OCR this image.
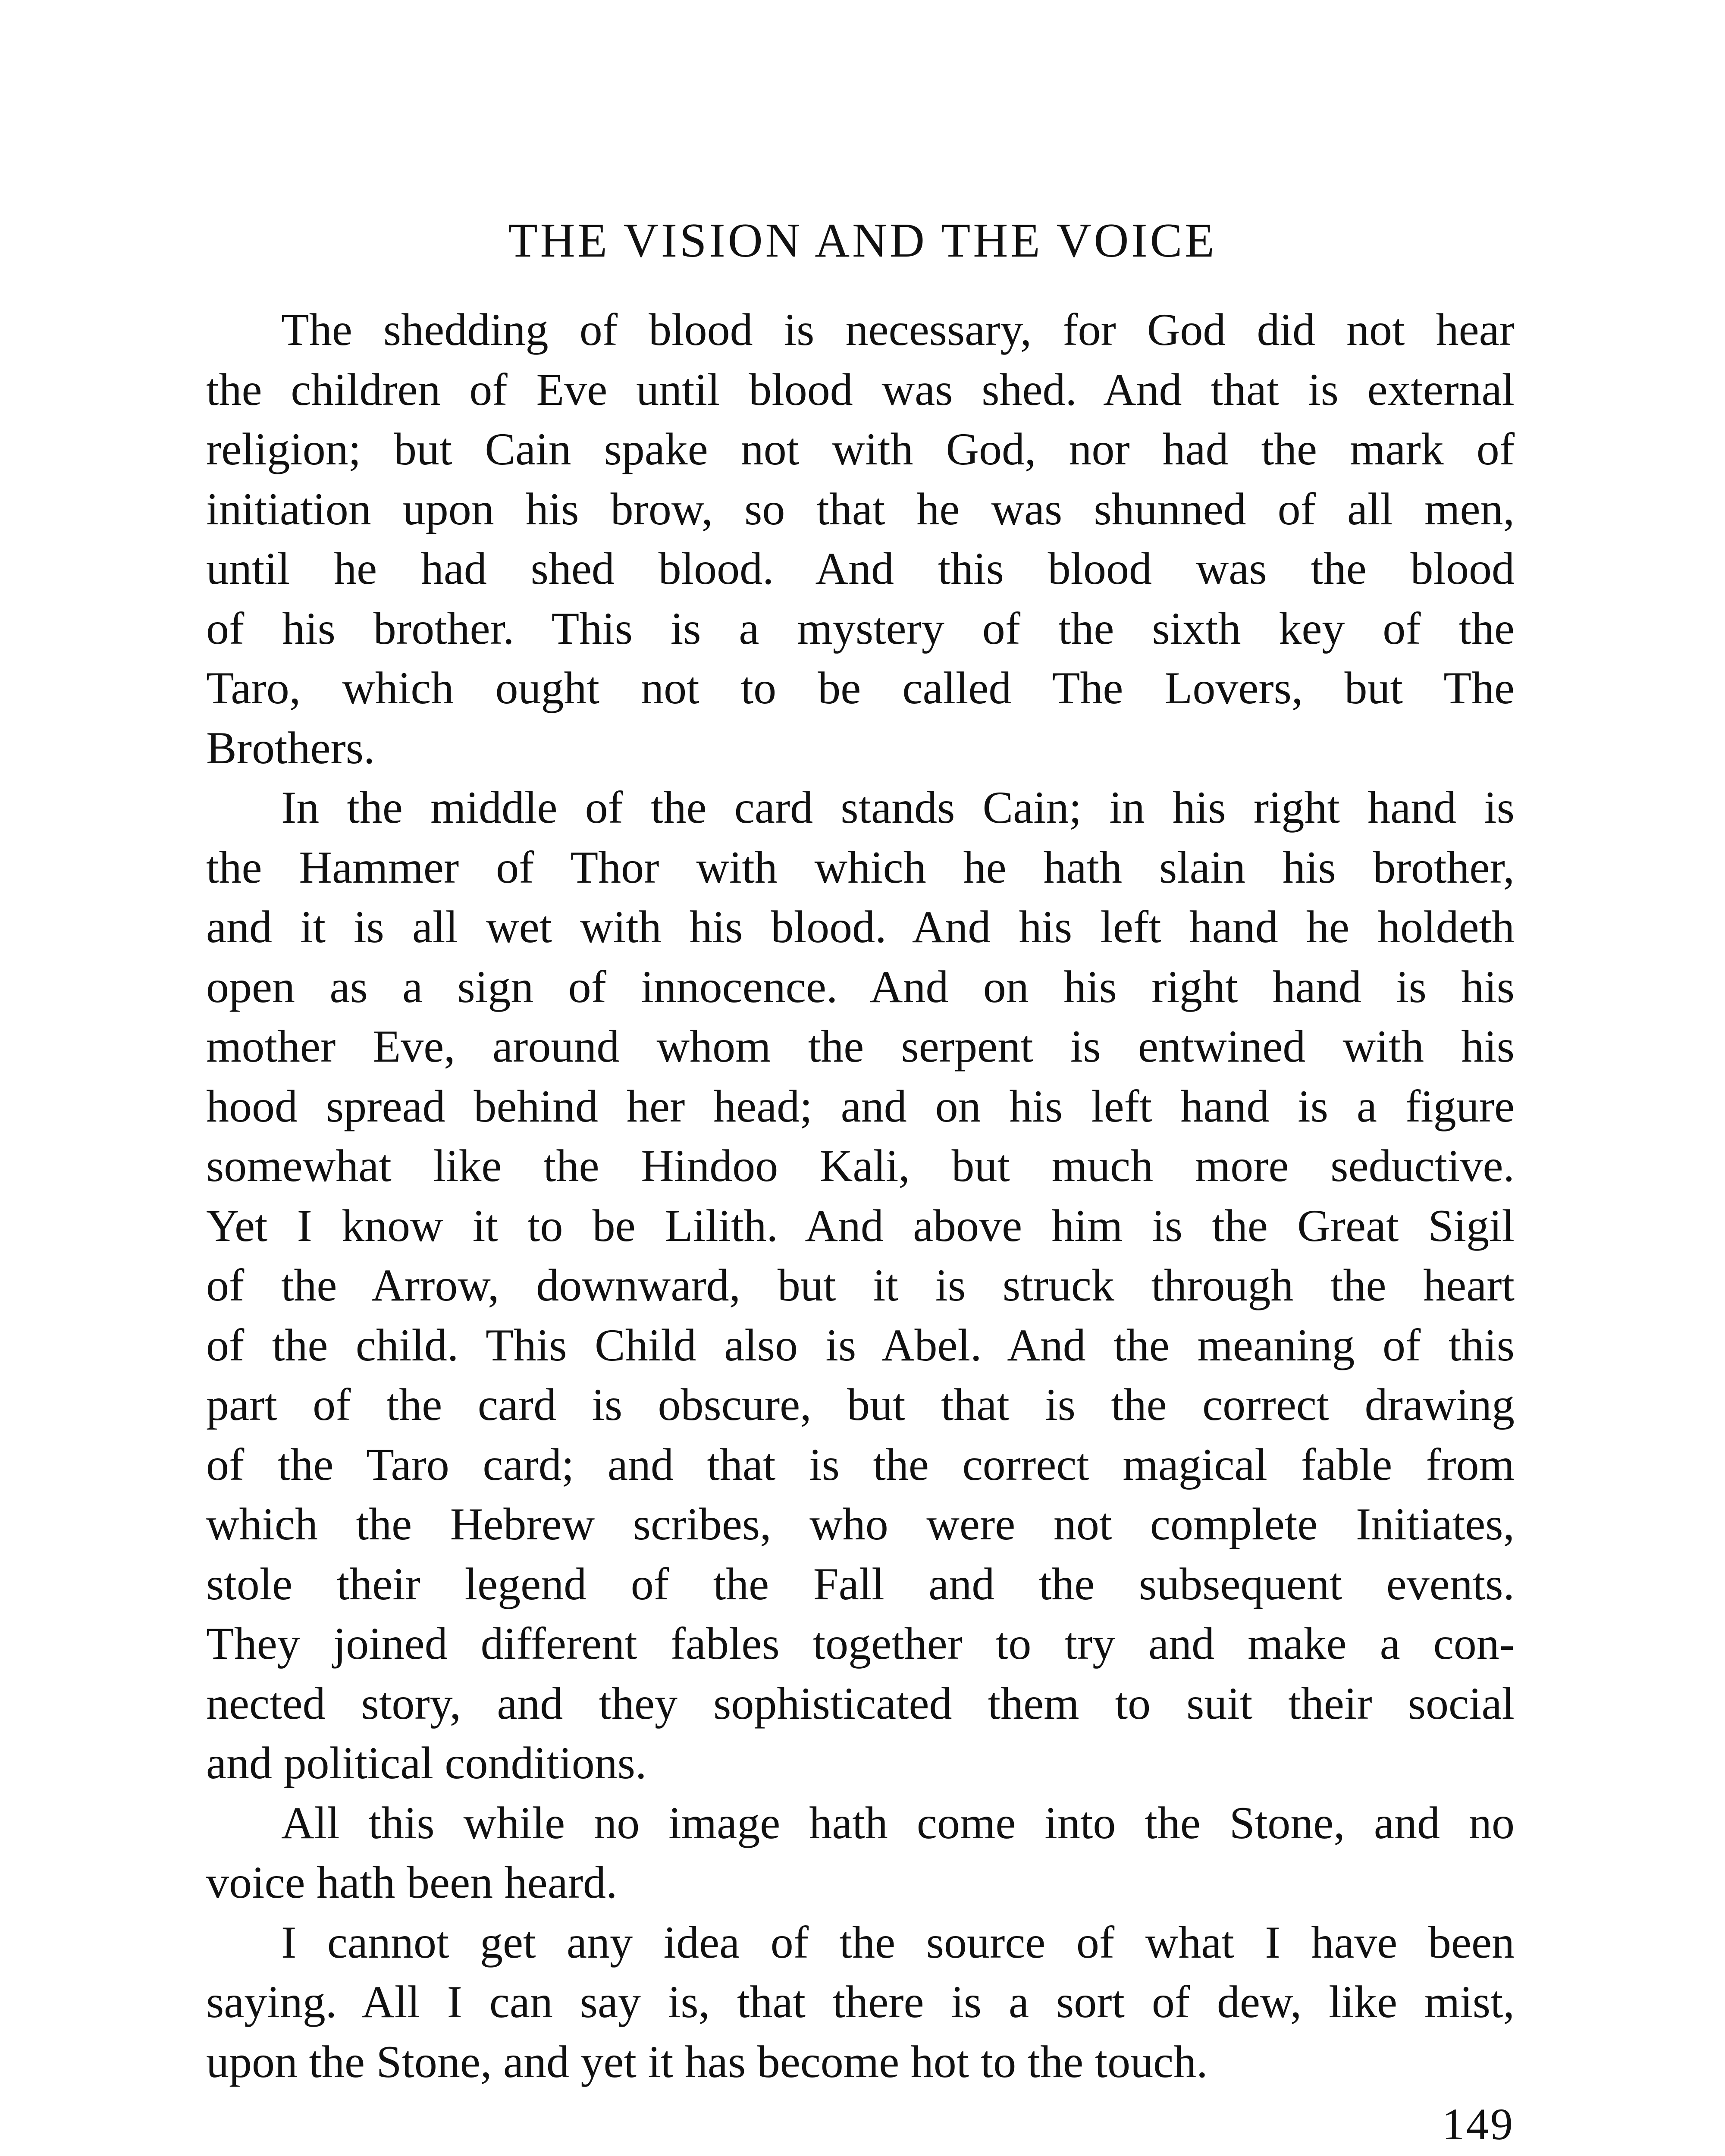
THE VISION AND THE VOICE
The shedding of blood is necessary, for God did not hear
the children of Eve until blood was shed. And that is external
religion; but Cain spake not with God, nor had the mark of
initiation upon his brow, so that he was shunned of all men,
until he had shed blood. And this blood was the blood
of his brother. This is a mystery of the sixth key of the
Taro, which ought not to be called The Lovers, but The
Brothers.
In the middle of the card stands Cain; in his right hand is
the Hammer of Thor with which he hath slain his brother,
and it is all wet with his blood. And his left hand he holdeth
open as a sign of innocence. And on his right hand is his
mother Eve, around whom the serpent is entwined with his
hood spread behind her head; and on his left hand is a figure
somewhat like the Hindoo Kali, but much more seductive.
Yet I know it to be Lilith. And above him is the Great Sigil
of the Arrow, downward, but it is struck through the heart
of the child. This Child also is Abel. And the meaning of this
part of the card is obscure, but that is the correct drawing
of the Taro card; and that is the correct magical fable from
which the Hebrew scribes, who were not complete Initiates,
stole their legend of the Fall and the subsequent events.
They joined different fables together to try and make a con-
nected story, and they sophisticated them to suit their social
and political conditions.
All this while no image hath come into the Stone, and no
voice hath been heard.
I cannot get any idea of the source of what I have been
saying. All I can say is, that there is a sort of dew, like mist,
upon the Stone, and yet it has become hot to the touch.
149
